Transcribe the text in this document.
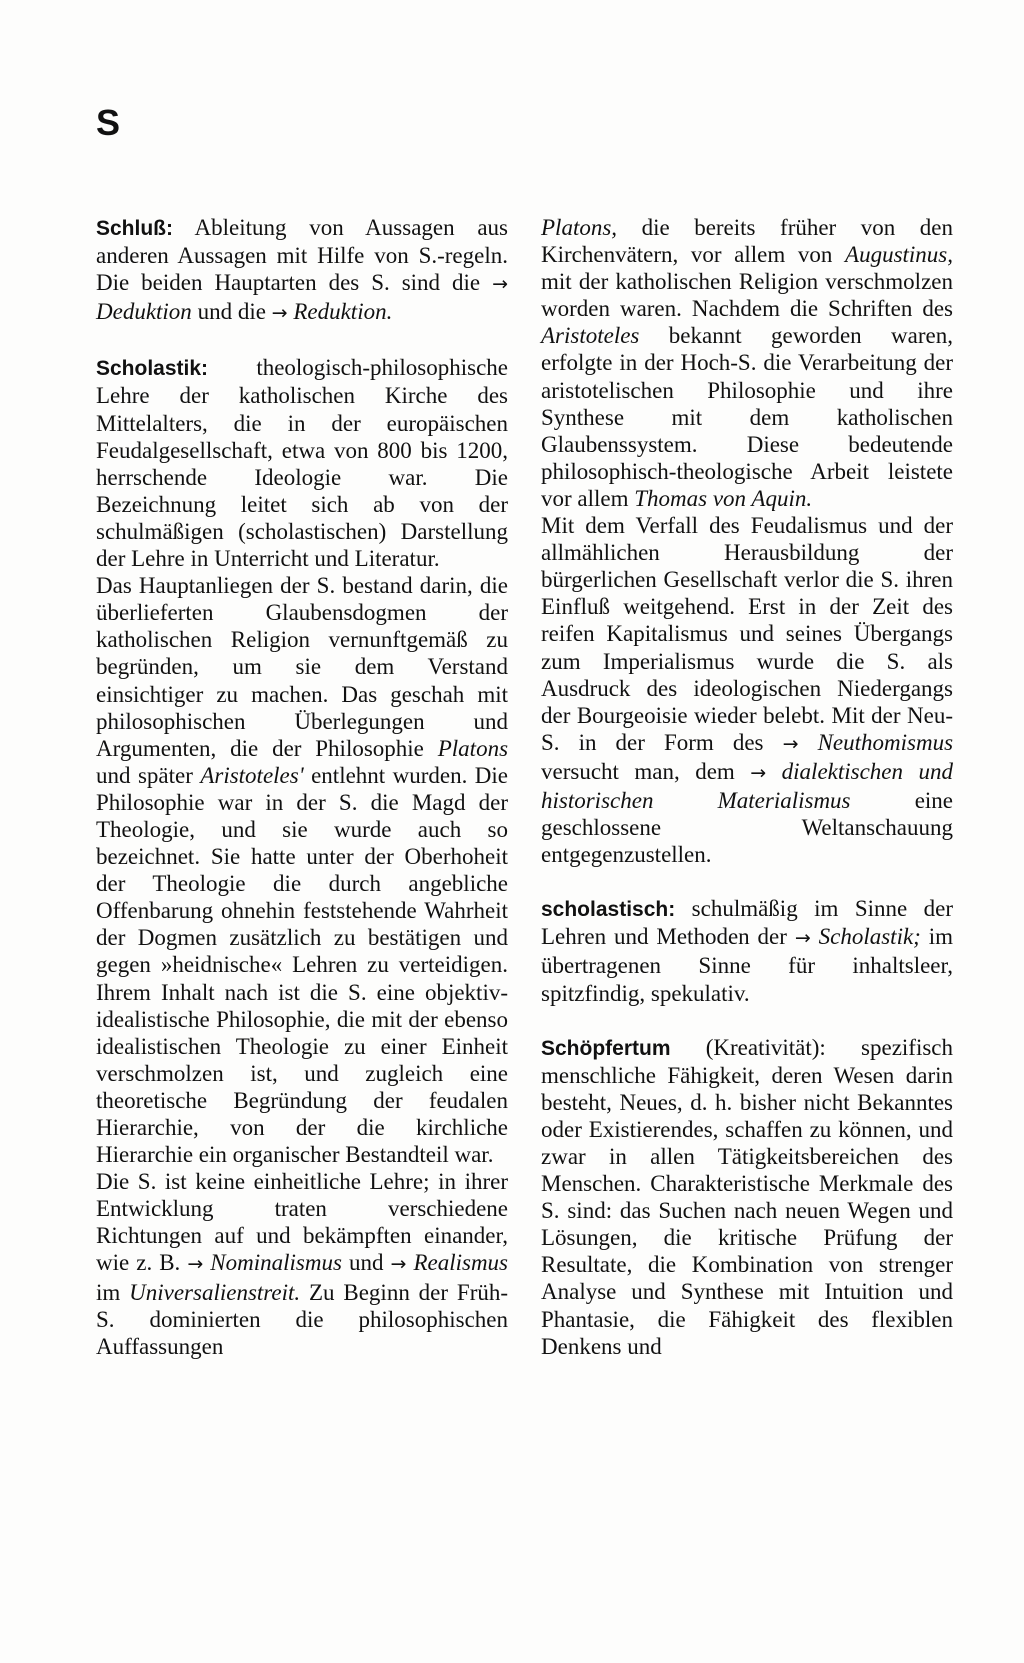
S

Schluß: Ableitung von Aussagen aus anderen Aussagen mit Hilfe von S.-regeln. Die beiden Hauptarten des S. sind die → Deduktion und die → Reduktion.

Scholastik: theologisch-philosophische Lehre der katholischen Kirche des Mittelalters, die in der europäischen Feudalgesellschaft, etwa von 800 bis 1200, herrschende Ideologie war. Die Bezeichnung leitet sich ab von der schulmäßigen (scholastischen) Darstellung der Lehre in Unterricht und Literatur.

Das Hauptanliegen der S. bestand darin, die überlieferten Glaubensdogmen der katholischen Religion vernunftgemäß zu begründen, um sie dem Verstand einsichtiger zu machen. Das geschah mit philosophischen Überlegungen und Argumenten, die der Philosophie Platons und später Aristoteles' entlehnt wurden. Die Philosophie war in der S. die Magd der Theologie, und sie wurde auch so bezeichnet. Sie hatte unter der Oberhoheit der Theologie die durch angebliche Offenbarung ohnehin feststehende Wahrheit der Dogmen zusätzlich zu bestätigen und gegen »heidnische« Lehren zu verteidigen. Ihrem Inhalt nach ist die S. eine objektiv-idealistische Philosophie, die mit der ebenso idealistischen Theologie zu einer Einheit verschmolzen ist, und zugleich eine theoretische Begründung der feudalen Hierarchie, von der die kirchliche Hierarchie ein organischer Bestandteil war.

Die S. ist keine einheitliche Lehre; in ihrer Entwicklung traten verschiedene Richtungen auf und bekämpften einander, wie z. B. → Nominalismus und → Realismus im Universalienstreit. Zu Beginn der Früh-S. dominierten die philosophischen Auffassungen

Platons, die bereits früher von den Kirchenvätern, vor allem von Augustinus, mit der katholischen Religion verschmolzen worden waren. Nachdem die Schriften des Aristoteles bekannt geworden waren, erfolgte in der Hoch-S. die Verarbeitung der aristotelischen Philosophie und ihre Synthese mit dem katholischen Glaubenssystem. Diese bedeutende philosophisch-theologische Arbeit leistete vor allem Thomas von Aquin.

Mit dem Verfall des Feudalismus und der allmählichen Herausbildung der bürgerlichen Gesellschaft verlor die S. ihren Einfluß weitgehend. Erst in der Zeit des reifen Kapitalismus und seines Übergangs zum Imperialismus wurde die S. als Ausdruck des ideologischen Niedergangs der Bourgeoisie wieder belebt. Mit der Neu-S. in der Form des → Neuthomismus versucht man, dem → dialektischen und historischen Materialismus	eine geschlossene Weltanschauung entgegenzustellen.

scholastisch: schulmäßig im Sinne der Lehren und Methoden der → Scholastik; im übertragenen Sinne für inhaltsleer, spitzfindig, spekulativ.

Schöpfertum (Kreativität): spezifisch menschliche Fähigkeit, deren Wesen darin besteht, Neues, d. h. bisher nicht Bekanntes oder Existierendes, schaffen zu können, und zwar in allen Tätigkeitsbereichen des Menschen. Charakteristische Merkmale des S. sind: das Suchen nach neuen Wegen und Lösungen, die kritische Prüfung der Resultate, die Kombination von strenger Analyse und Synthese mit Intuition und Phantasie, die Fähigkeit des flexiblen Denkens und
